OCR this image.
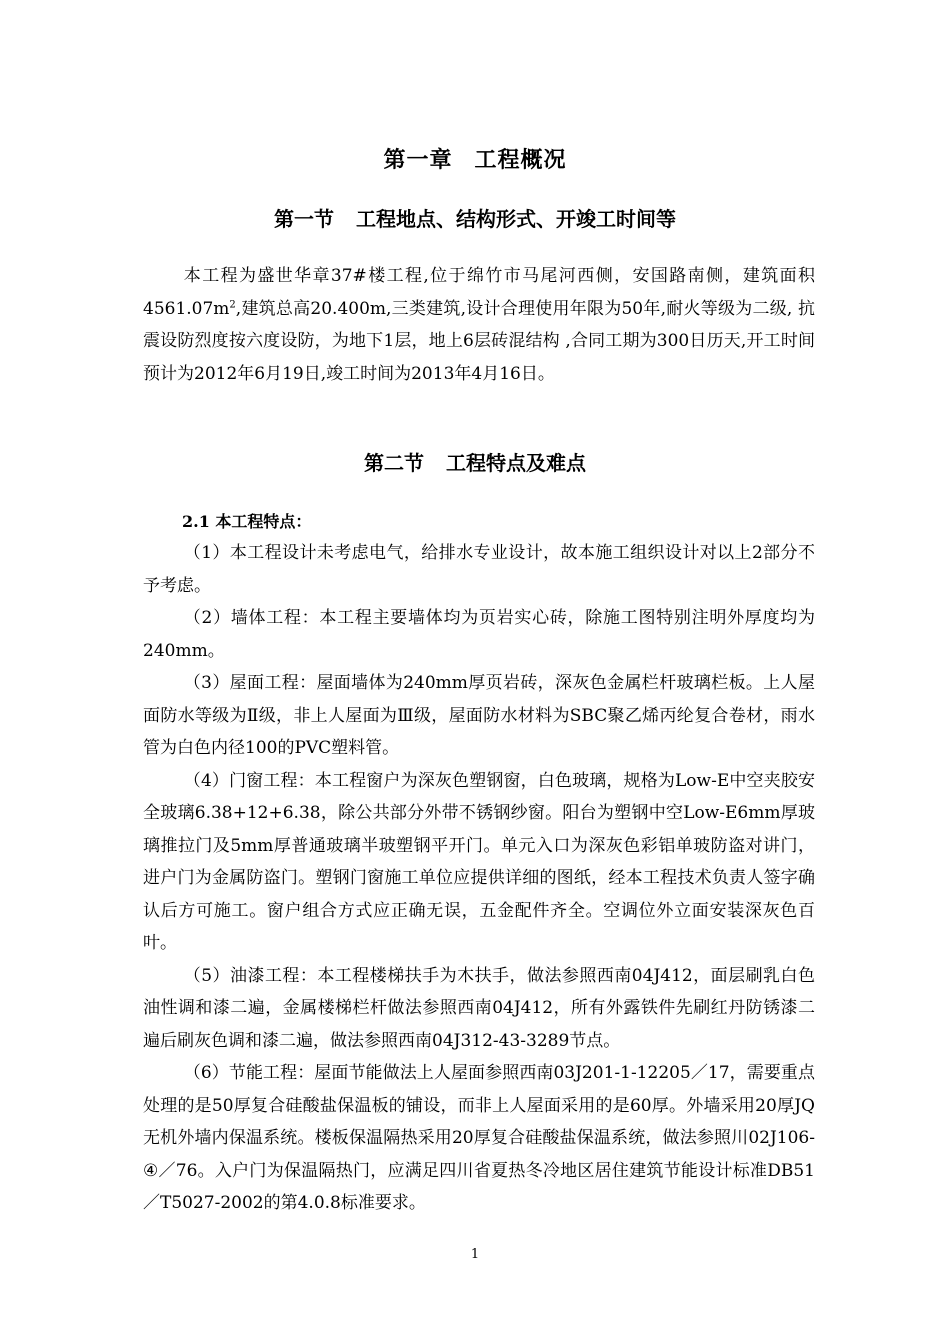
第一章 工程概况
第一节 工程地点、结构形式、开竣工时间等

本工程为盛世华章37#楼工程,位于绵竹市马尾河西侧，安国路南侧，建筑面积$4561.07m^2$,建筑总高20.400m,三类建筑,设计合理使用年限为50年,耐火等级为二级, 抗震设防烈度按六度设防，为地下1层，地上6层砖混结构 ,合同工期为300日历天,开工时间预计为2012年6月19日,竣工时间为2013年4月16日。

第二节 工程特点及难点
2.1 本工程特点：

（1）本工程设计未考虑电气，给排水专业设计，故本施工组织设计对以上2部分不予考虑。

（2）墙体工程：本工程主要墙体均为页岩实心砖，除施工图特别注明外厚度均为240mm。

（3）屋面工程：屋面墙体为240mm厚页岩砖，深灰色金属栏杆玻璃栏板。上人屋面防水等级为Ⅱ级，非上人屋面为Ⅲ级，屋面防水材料为SBC聚乙烯丙纶复合卷材，雨水管为白色内径100的PVC塑料管。

（4）门窗工程：本工程窗户为深灰色塑钢窗，白色玻璃，规格为Low-E中空夹胶安全玻璃6.38+12+6.38，除公共部分外带不锈钢纱窗。阳台为塑钢中空Low-E6mm厚玻璃推拉门及5mm厚普通玻璃半玻塑钢平开门。单元入口为深灰色彩铝单玻防盗对讲门，进户门为金属防盗门。塑钢门窗施工单位应提供详细的图纸，经本工程技术负责人签字确认后方可施工。窗户组合方式应正确无误，五金配件齐全。空调位外立面安装深灰色百叶。

（5）油漆工程：本工程楼梯扶手为木扶手，做法参照西南04J412，面层刷乳白色油性调和漆二遍，金属楼梯栏杆做法参照西南04J412，所有外露铁件先刷红丹防锈漆二遍后刷灰色调和漆二遍，做法参照西南04J312-43-3289节点。

（6）节能工程：屋面节能做法上人屋面参照西南03J201-1-12205／17，需要重点处理的是50厚复合硅酸盐保温板的铺设，而非上人屋面采用的是60厚。外墙采用20厚JQ无机外墙内保温系统。楼板保温隔热采用20厚复合硅酸盐保温系统，做法参照川02J106-④／76。入户门为保温隔热门，应满足四川省夏热冬冷地区居住建筑节能设计标准DB51／T5027-2002的第4.0.8标准要求。

1
